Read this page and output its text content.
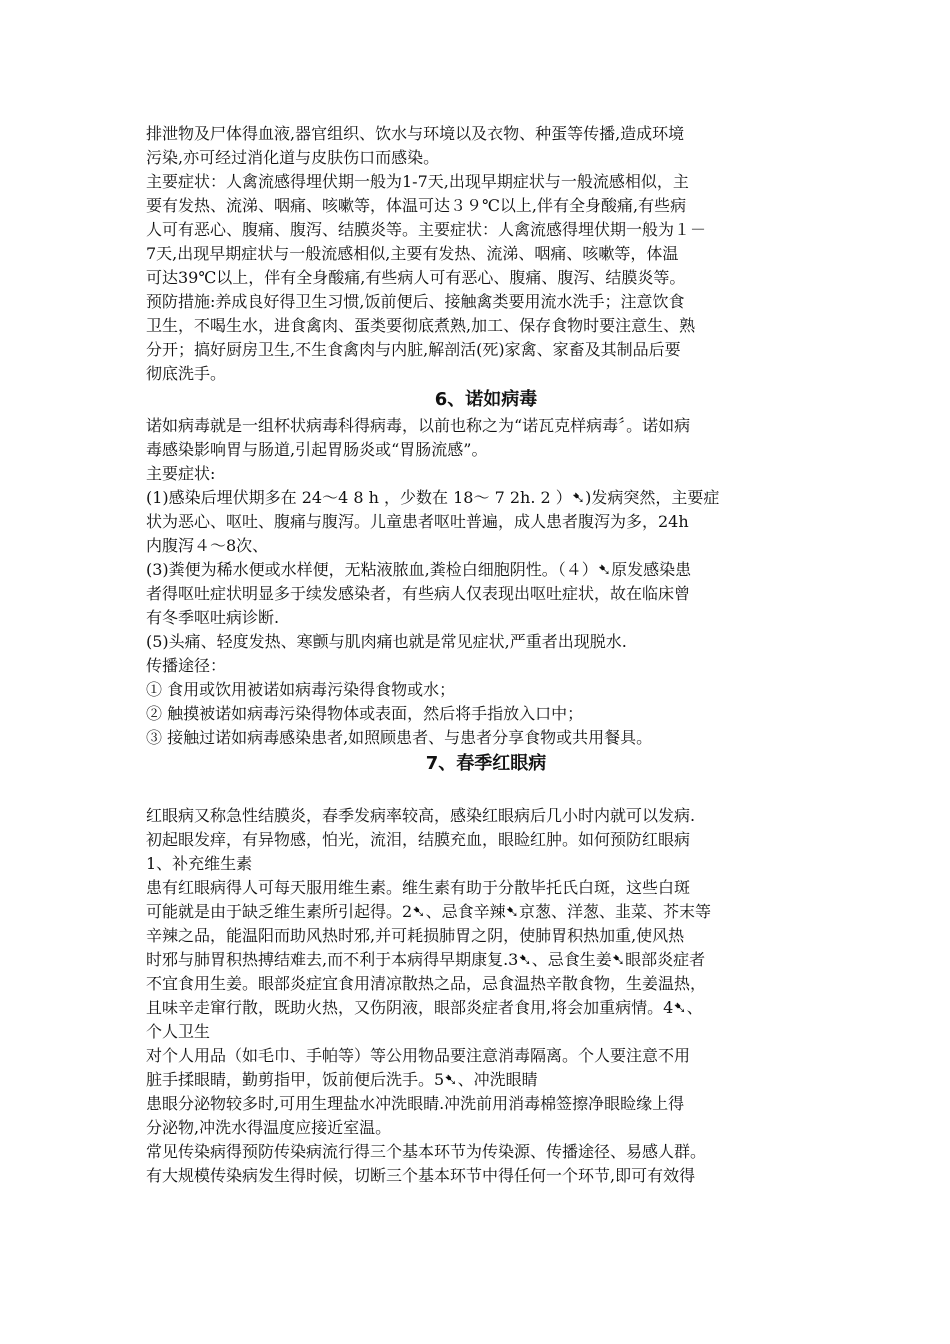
排泄物及尸体得血液,器官组织、饮水与环境以及衣物、种蛋等传播,造成环境
污染,亦可经过消化道与皮肤伤口而感染。
主要症状：人禽流感得埋伏期一般为1-7天,出现早期症状与一般流感相似，主
要有发热、流涕、咽痛、咳嗽等，体温可达３９℃以上,伴有全身酸痛,有些病
人可有恶心、腹痛、腹泻、结膜炎等。主要症状：人禽流感得埋伏期一般为１－
7天,出现早期症状与一般流感相似,主要有发热、流涕、咽痛、咳嗽等，体温
可达39℃以上，伴有全身酸痛,有些病人可有恶心、腹痛、腹泻、结膜炎等。
预防措施:养成良好得卫生习惯,饭前便后、接触禽类要用流水洗手；注意饮食
卫生，不喝生水，进食禽肉、蛋类要彻底煮熟,加工、保存食物时要注意生、熟
分开；搞好厨房卫生,不生食禽肉与内脏,解剖活(死)家禽、家畜及其制品后要
彻底洗手。
6、诺如病毒
诺如病毒就是一组杯状病毒科得病毒，以前也称之为“诺瓦克样病毒〞。诺如病
毒感染影响胃与肠道,引起胃肠炎或“胃肠流感”。
主要症状:
(1)感染后埋伏期多在 24～4 8 h ，少数在 18～ 7 2h. 2 ）➷)发病突然，主要症
状为恶心、呕吐、腹痛与腹泻。儿童患者呕吐普遍，成人患者腹泻为多，24h
内腹泻４～8次、
(3)粪便为稀水便或水样便，无粘液脓血,粪检白细胞阴性。（４）➷原发感染患
者得呕吐症状明显多于续发感染者，有些病人仅表现出呕吐症状，故在临床曾
有冬季呕吐病诊断.
(5)头痛、轻度发热、寒颤与肌肉痛也就是常见症状,严重者出现脱水.
传播途径：
① 食用或饮用被诺如病毒污染得食物或水；
② 触摸被诺如病毒污染得物体或表面，然后将手指放入口中；
③ 接触过诺如病毒感染患者,如照顾患者、与患者分享食物或共用餐具。
7、春季红眼病
红眼病又称急性结膜炎，春季发病率较高，感染红眼病后几小时内就可以发病.
初起眼发痒，有异物感，怕光，流泪，结膜充血，眼睑红肿。如何预防红眼病
1、补充维生素
患有红眼病得人可每天服用维生素。维生素有助于分散毕托氏白斑，这些白斑
可能就是由于缺乏维生素所引起得。2➷、忌食辛辣➷京葱、洋葱、韭菜、芥末等
辛辣之品，能温阳而助风热时邪,并可耗损肺胃之阴，使肺胃积热加重,使风热
时邪与肺胃积热搏结难去,而不利于本病得早期康复.3➷、忌食生姜➷眼部炎症者
不宜食用生姜。眼部炎症宜食用清凉散热之品，忌食温热辛散食物，生姜温热，
且味辛走窜行散，既助火热，又伤阴液，眼部炎症者食用,将会加重病情。4➷、
个人卫生
对个人用品（如毛巾、手帕等）等公用物品要注意消毒隔离。个人要注意不用
脏手揉眼睛，勤剪指甲，饭前便后洗手。5➷、冲洗眼睛
患眼分泌物较多时,可用生理盐水冲洗眼睛.冲洗前用消毒棉签擦净眼睑缘上得
分泌物,冲洗水得温度应接近室温。
常见传染病得预防传染病流行得三个基本环节为传染源、传播途径、易感人群。
有大规模传染病发生得时候，切断三个基本环节中得任何一个环节,即可有效得
